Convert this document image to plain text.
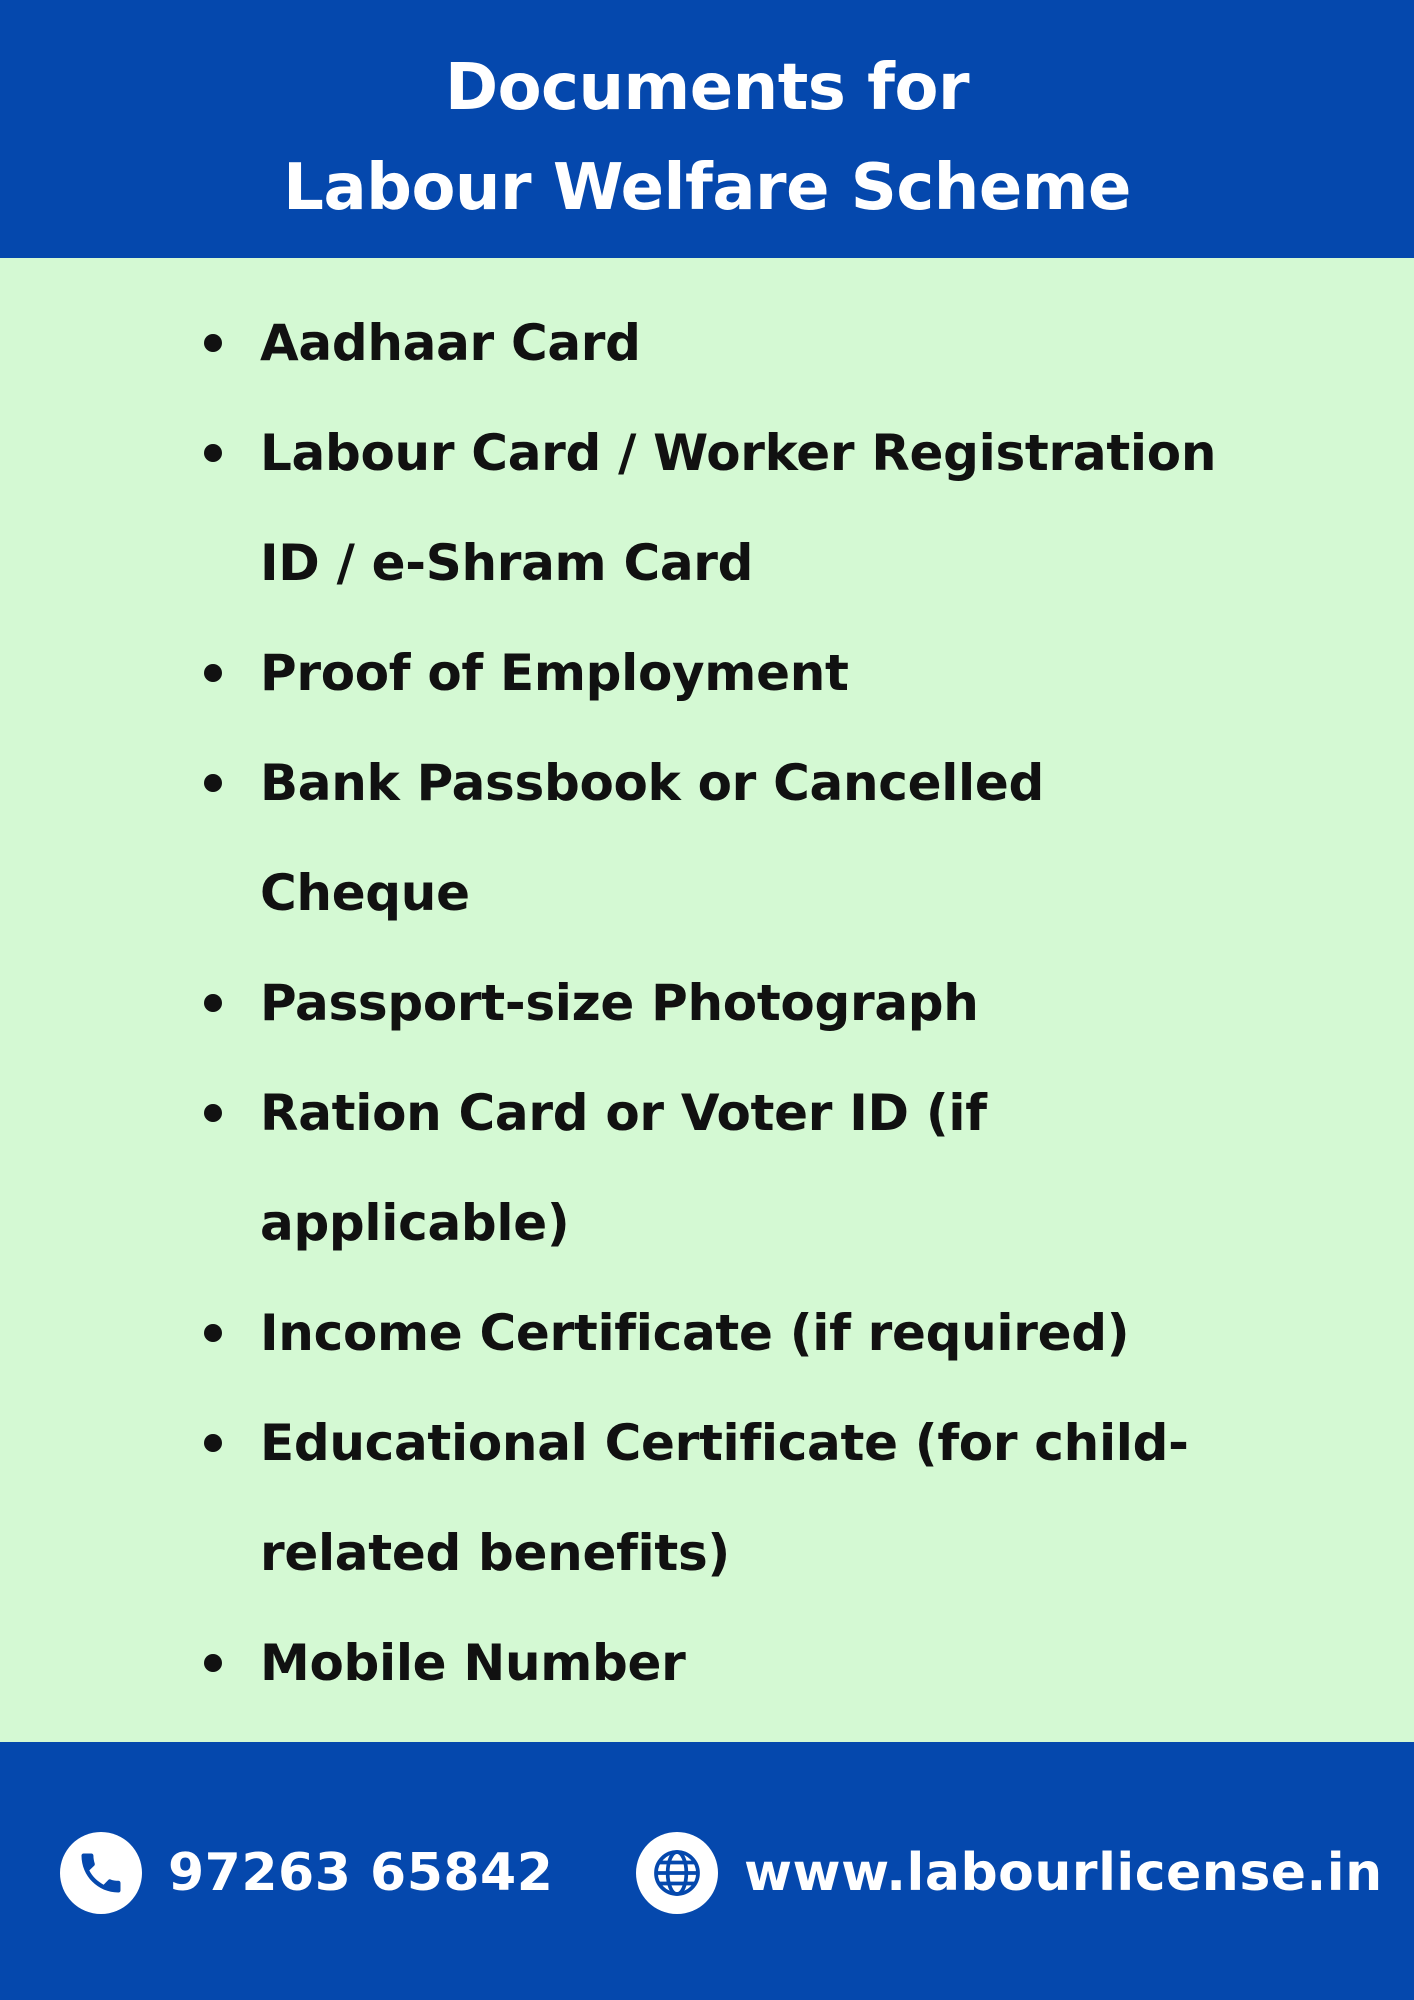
Documents for
Labour Welfare Scheme
Aadhaar Card
Labour Card / Worker Registration
ID / e-Shram Card
Proof of Employment
Bank Passbook or Cancelled
Cheque
Passport-size Photograph
Ration Card or Voter ID (if
applicable)
Income Certificate (if required)
Educational Certificate (for child-
related benefits)
Mobile Number
97263 65842	www.labourlicense.in
